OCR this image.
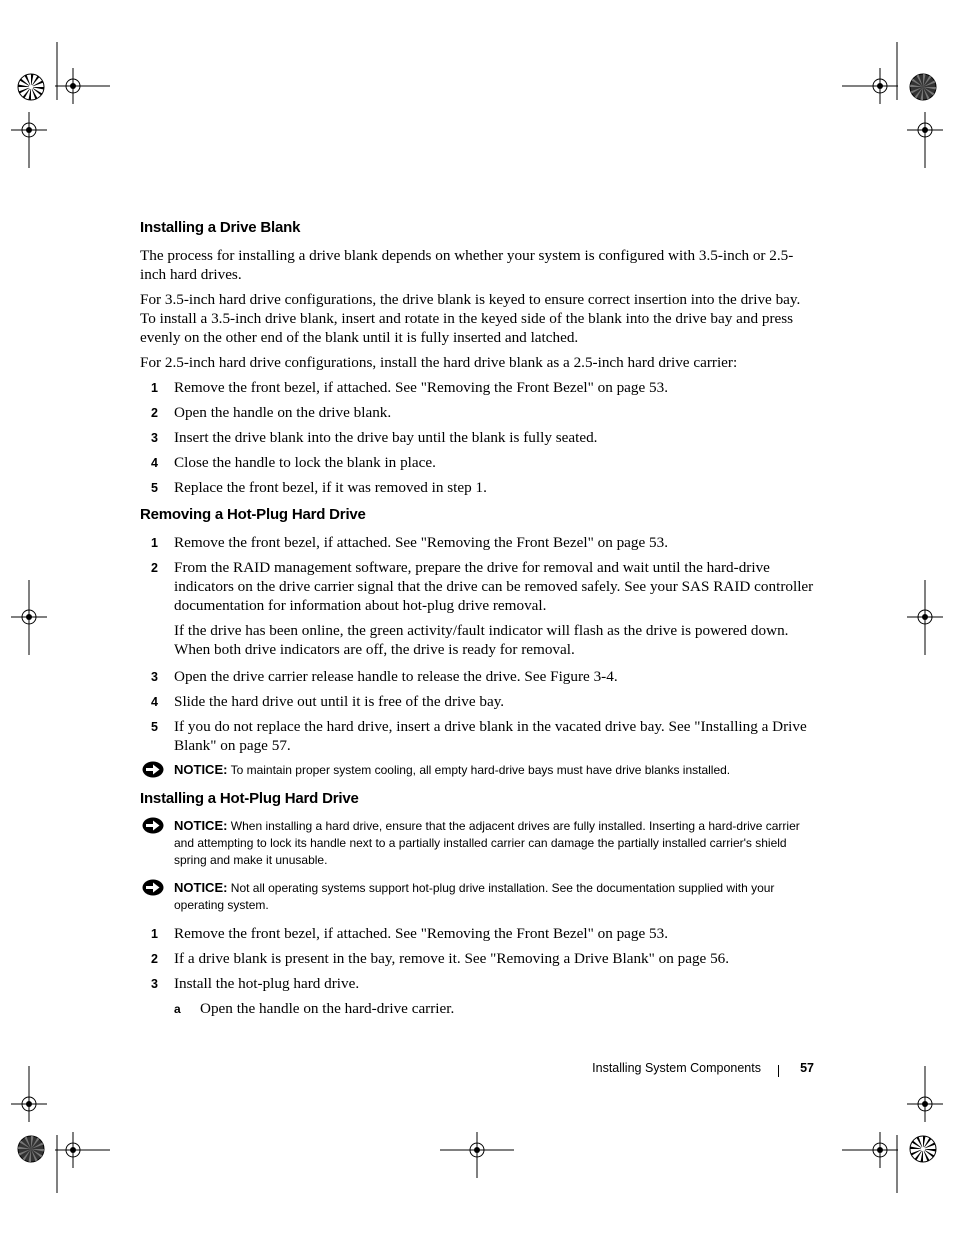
Installing a Drive Blank

The process for installing a drive blank depends on whether your system is configured with 3.5-inch or 2.5-inch hard drives.

For 3.5-inch hard drive configurations, the drive blank is keyed to ensure correct insertion into the drive bay. To install a 3.5-inch drive blank, insert and rotate in the keyed side of the blank into the drive bay and press evenly on the other end of the blank until it is fully inserted and latched.

For 2.5-inch hard drive configurations, install the hard drive blank as a 2.5-inch hard drive carrier:

1 Remove the front bezel, if attached. See "Removing the Front Bezel" on page 53.
2 Open the handle on the drive blank.
3 Insert the drive blank into the drive bay until the blank is fully seated.
4 Close the handle to lock the blank in place.
5 Replace the front bezel, if it was removed in step 1.
Removing a Hot-Plug Hard Drive
1 Remove the front bezel, if attached. See "Removing the Front Bezel" on page 53.
2 From the RAID management software, prepare the drive for removal and wait until the hard-drive indicators on the drive carrier signal that the drive can be removed safely. See your SAS RAID controller documentation for information about hot-plug drive removal.

If the drive has been online, the green activity/fault indicator will flash as the drive is powered down. When both drive indicators are off, the drive is ready for removal.

3 Open the drive carrier release handle to release the drive. See Figure 3-4.
4 Slide the hard drive out until it is free of the drive bay.
5 If you do not replace the hard drive, insert a drive blank in the vacated drive bay. See "Installing a Drive Blank" on page 57.
NOTICE: To maintain proper system cooling, all empty hard-drive bays must have drive blanks installed.
Installing a Hot-Plug Hard Drive
NOTICE: When installing a hard drive, ensure that the adjacent drives are fully installed. Inserting a hard-drive carrier and attempting to lock its handle next to a partially installed carrier can damage the partially installed carrier's shield spring and make it unusable.
NOTICE: Not all operating systems support hot-plug drive installation. See the documentation supplied with your operating system.
1 Remove the front bezel, if attached. See "Removing the Front Bezel" on page 53.
2 If a drive blank is present in the bay, remove it. See "Removing a Drive Blank" on page 56.
3 Install the hot-plug hard drive.
a Open the handle on the hard-drive carrier.
Installing System Components	57
